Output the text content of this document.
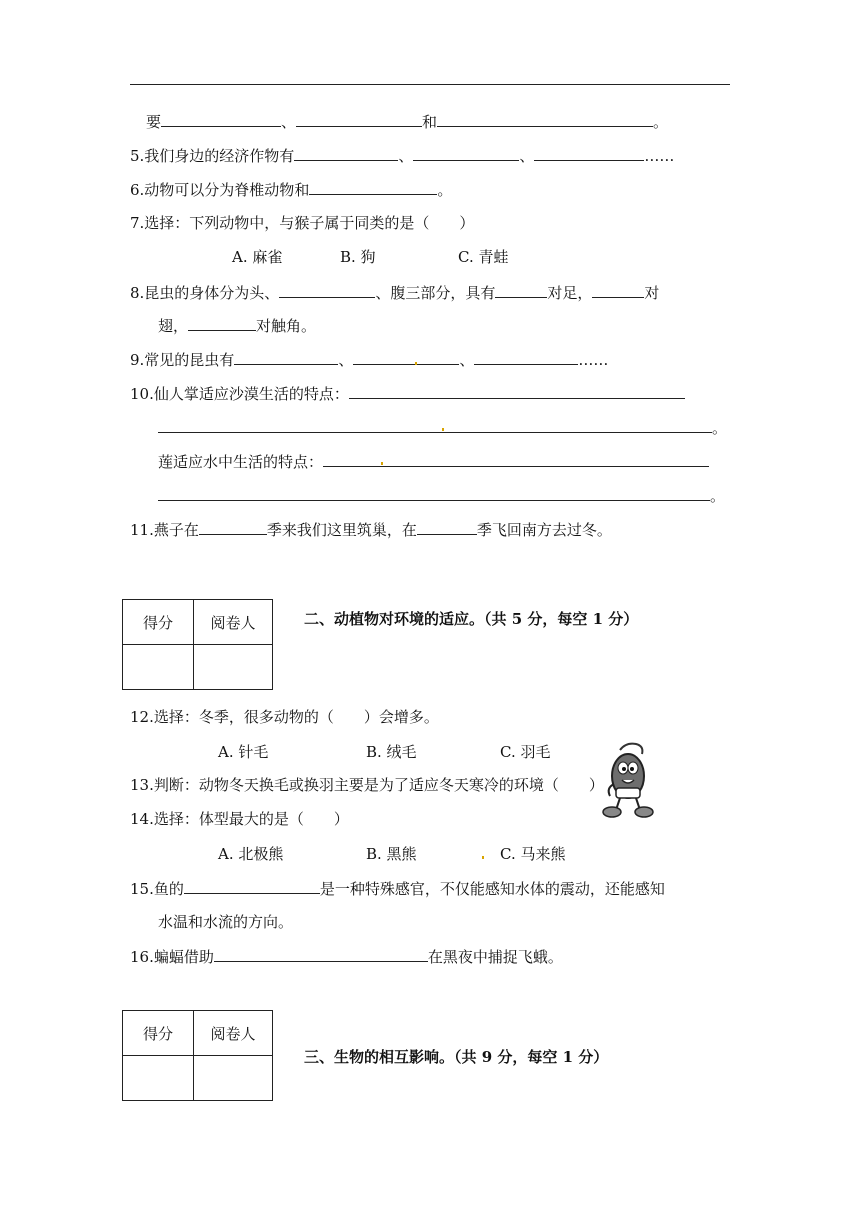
要	、	和	。
5.我们身边的经济作物有	、	、	……
6.动物可以分为脊椎动物和	。
7.选择：下列动物中，与猴子属于同类的是（　　）
A. 麻雀	B. 狗	C. 青蛙
8.昆虫的身体分为头、	、腹三部分，具有	对足，	对
翅，	对触角。
9.常见的昆虫有	、	、	……
10.仙人掌适应沙漠生活的特点：
。
莲适应水中生活的特点：
。
11.燕子在	季来我们这里筑巢，在	季飞回南方去过冬。
得分	阅卷人
		二、动植物对环境的适应。（共 5 分，每空 1 分）
12.选择：冬季，很多动物的（　　）会增多。
A. 针毛	B. 绒毛	C. 羽毛
13.判断：动物冬天换毛或换羽主要是为了适应冬天寒冷的环境（　　）
14.选择：体型最大的是（　　）
A. 北极熊	B. 黑熊	C. 马来熊
15.鱼的	是一种特殊感官，不仅能感知水体的震动，还能感知
水温和水流的方向。
16.蝙蝠借助	在黑夜中捕捉飞蛾。
得分	阅卷人

三、生物的相互影响。（共 9 分，每空 1 分）
